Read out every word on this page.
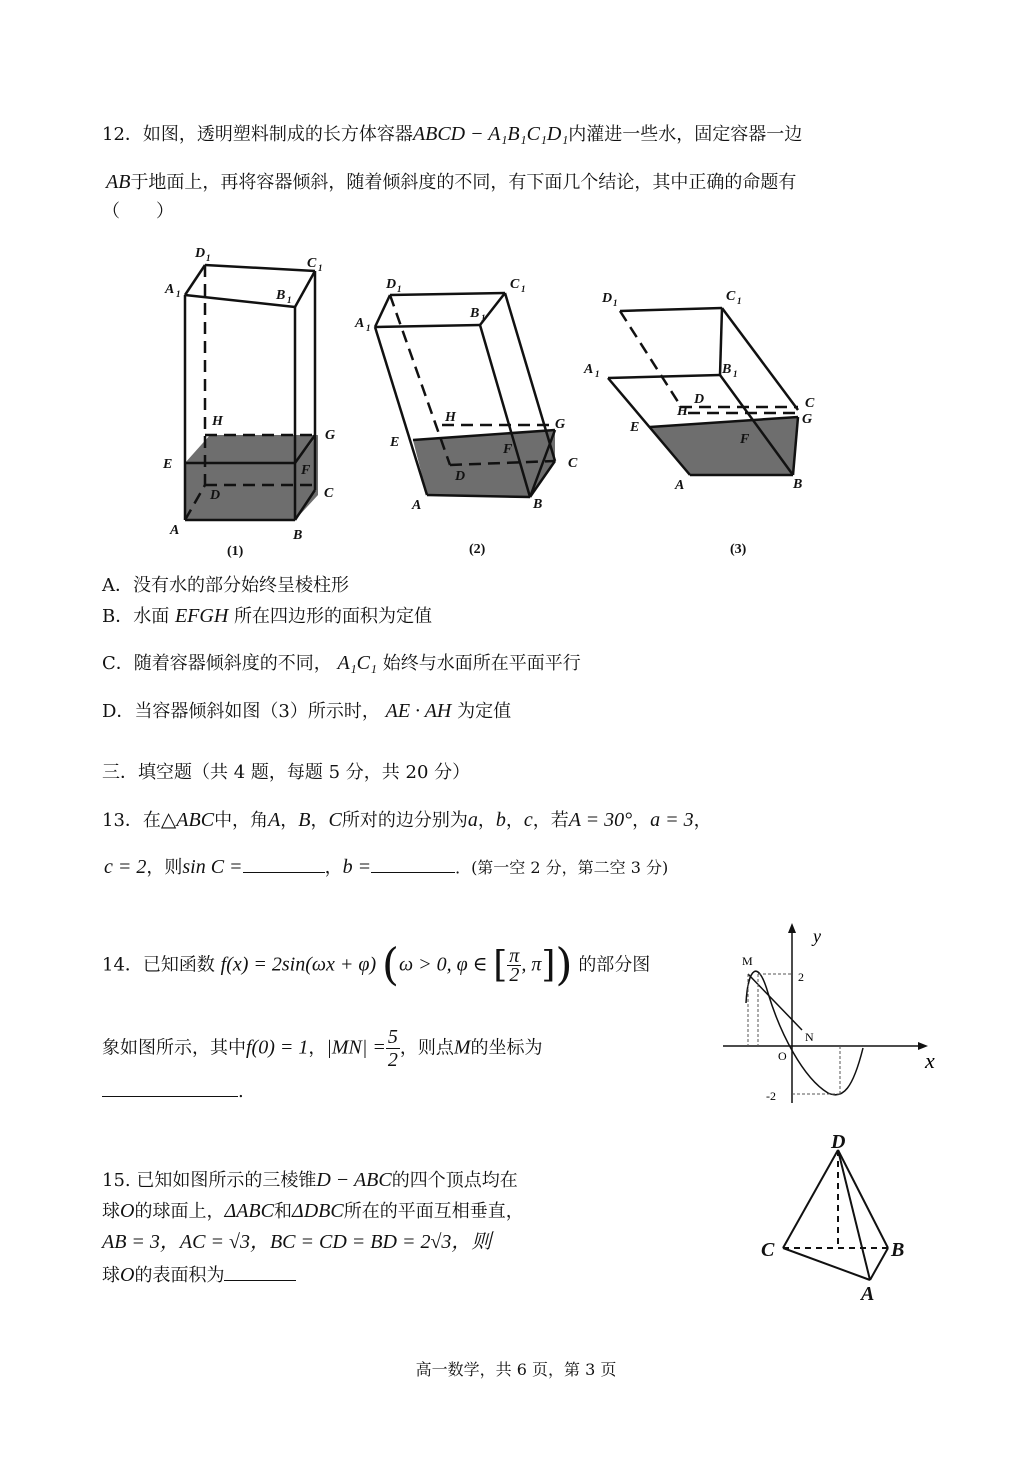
12．如图，透明塑料制成的长方体容器ABCD − A₁B₁C₁D₁内灌进一些水，固定容器一边
AB于地面上，再将容器倾斜，随着倾斜度的不同，有下面几个结论，其中正确的命题有
（　　）
D 1	C 1
A 1	B 1
H
G
E	F
D	C
A	B
(1)
D 1	C 1
A 1
B 1
H	G
E	F
D
C
A	B
(2)
D 1	C 1
A 1	B 1
H
D	C
G
E
F
A	B
(3)
A．没有水的部分始终呈棱柱形
B．水面 EFGH 所在四边形的面积为定值
C．随着容器倾斜度的不同， A₁C₁ 始终与水面所在平面平行
D．当容器倾斜如图（3）所示时， AE · AH 为定值
三．填空题（共 4 题，每题 5 分，共 20 分）
13．在△ABC中，角A，B，C所对的边分别为a，b，c，若A = 30°，a = 3，
c = 2，则sin C =	，b =	．(第一空 2 分，第二空 3 分)
14．已知函数 f(x) = 2sin(ωx + φ) (ω > 0, φ ∈ [ $\frac{\pi}{2}$ , π]) 的部分图
象如图所示，其中f(0) = 1，$|MN| = \frac{5}{2}$ ，则点M的坐标为
.
y
x
M
2
N
O
-2
15. 已知如图所示的三棱锥D − ABC的四个顶点均在
球O的球面上，ΔABC和ΔDBC所在的平面互相垂直，
AB = 3，AC = √3，BC = CD = BD = 2√3，则
球O的表面积为
D
C	B
A
高一数学，共 6 页，第 3 页
